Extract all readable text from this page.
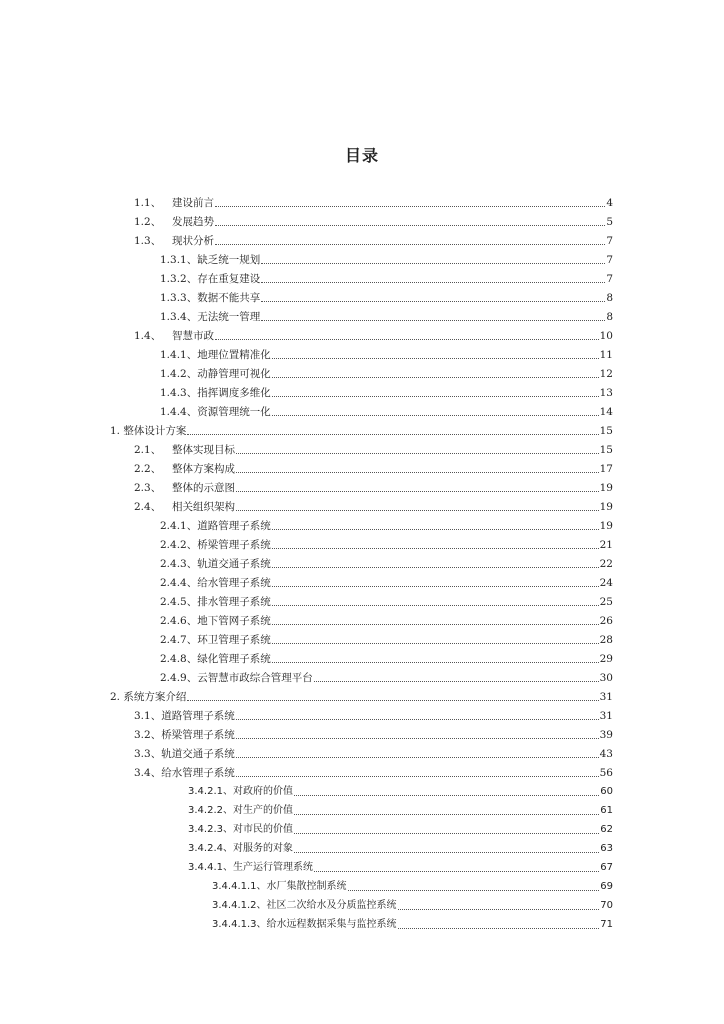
目录
1.1、 建设前言	4
1.2、 发展趋势	5
1.3、 现状分析	7
1.3.1、缺乏统一规划	7
1.3.2、存在重复建设	7
1.3.3、数据不能共享	8
1.3.4、无法统一管理	8
1.4、 智慧市政	10
1.4.1、地理位置精准化	11
1.4.2、动静管理可视化	12
1.4.3、指挥调度多维化	13
1.4.4、资源管理统一化	14
1. 整体设计方案	15
2.1、 整体实现目标	15
2.2、 整体方案构成	17
2.3、 整体的示意图	19
2.4、 相关组织架构	19
2.4.1、道路管理子系统	19
2.4.2、桥梁管理子系统	21
2.4.3、轨道交通子系统	22
2.4.4、给水管理子系统	24
2.4.5、排水管理子系统	25
2.4.6、地下管网子系统	26
2.4.7、环卫管理子系统	28
2.4.8、绿化管理子系统	29
2.4.9、云智慧市政综合管理平台	30
2. 系统方案介绍	31
3.1、道路管理子系统	31
3.2、桥梁管理子系统	39
3.3、轨道交通子系统	43
3.4、给水管理子系统	56
3.4.2.1、对政府的价值	60
3.4.2.2、对生产的价值	61
3.4.2.3、对市民的价值	62
3.4.2.4、对服务的对象	63
3.4.4.1、生产运行管理系统	67
3.4.4.1.1、水厂集散控制系统	69
3.4.4.1.2、社区二次给水及分质监控系统	70
3.4.4.1.3、给水远程数据采集与监控系统	71
